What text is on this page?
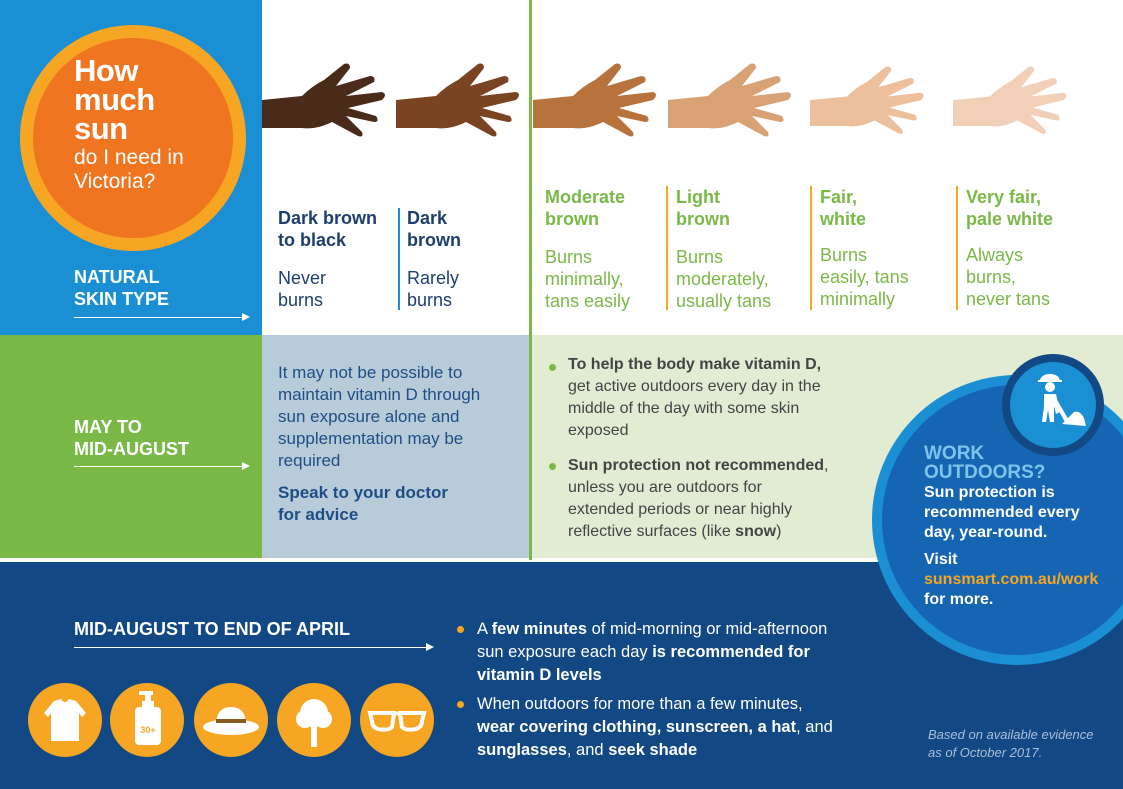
How
much
sun
do I need in
Victoria?
NATURAL
SKIN TYPE
MAY TO
MID-AUGUST
MID-AUGUST TO END OF APRIL
Dark brown
to black
Never
burns
Dark
brown
Rarely
burns
Moderate
brown
Burns
minimally,
tans easily
Light
brown
Burns
moderately,
usually tans
Fair,
white
Burns
easily, tans
minimally
Very fair,
pale white
Always
burns,
never tans
It may not be possible to
maintain vitamin D through
sun exposure alone and
supplementation may be
required
Speak to your doctor
for advice
To help the body make vitamin D,
get active outdoors every day in the
middle of the day with some skin
exposed
Sun protection not recommended,
unless you are outdoors for
extended periods or near highly
reflective surfaces (like snow)
A few minutes of mid-morning or mid-afternoon
sun exposure each day is recommended for
vitamin D levels
When outdoors for more than a few minutes,
wear covering clothing, sunscreen, a hat, and
sunglasses, and seek shade
30+
WORK
OUTDOORS?
Sun protection is
recommended every
day, year-round.
Visit
sunsmart.com.au/work
for more.
Based on available evidence
as of October 2017.
